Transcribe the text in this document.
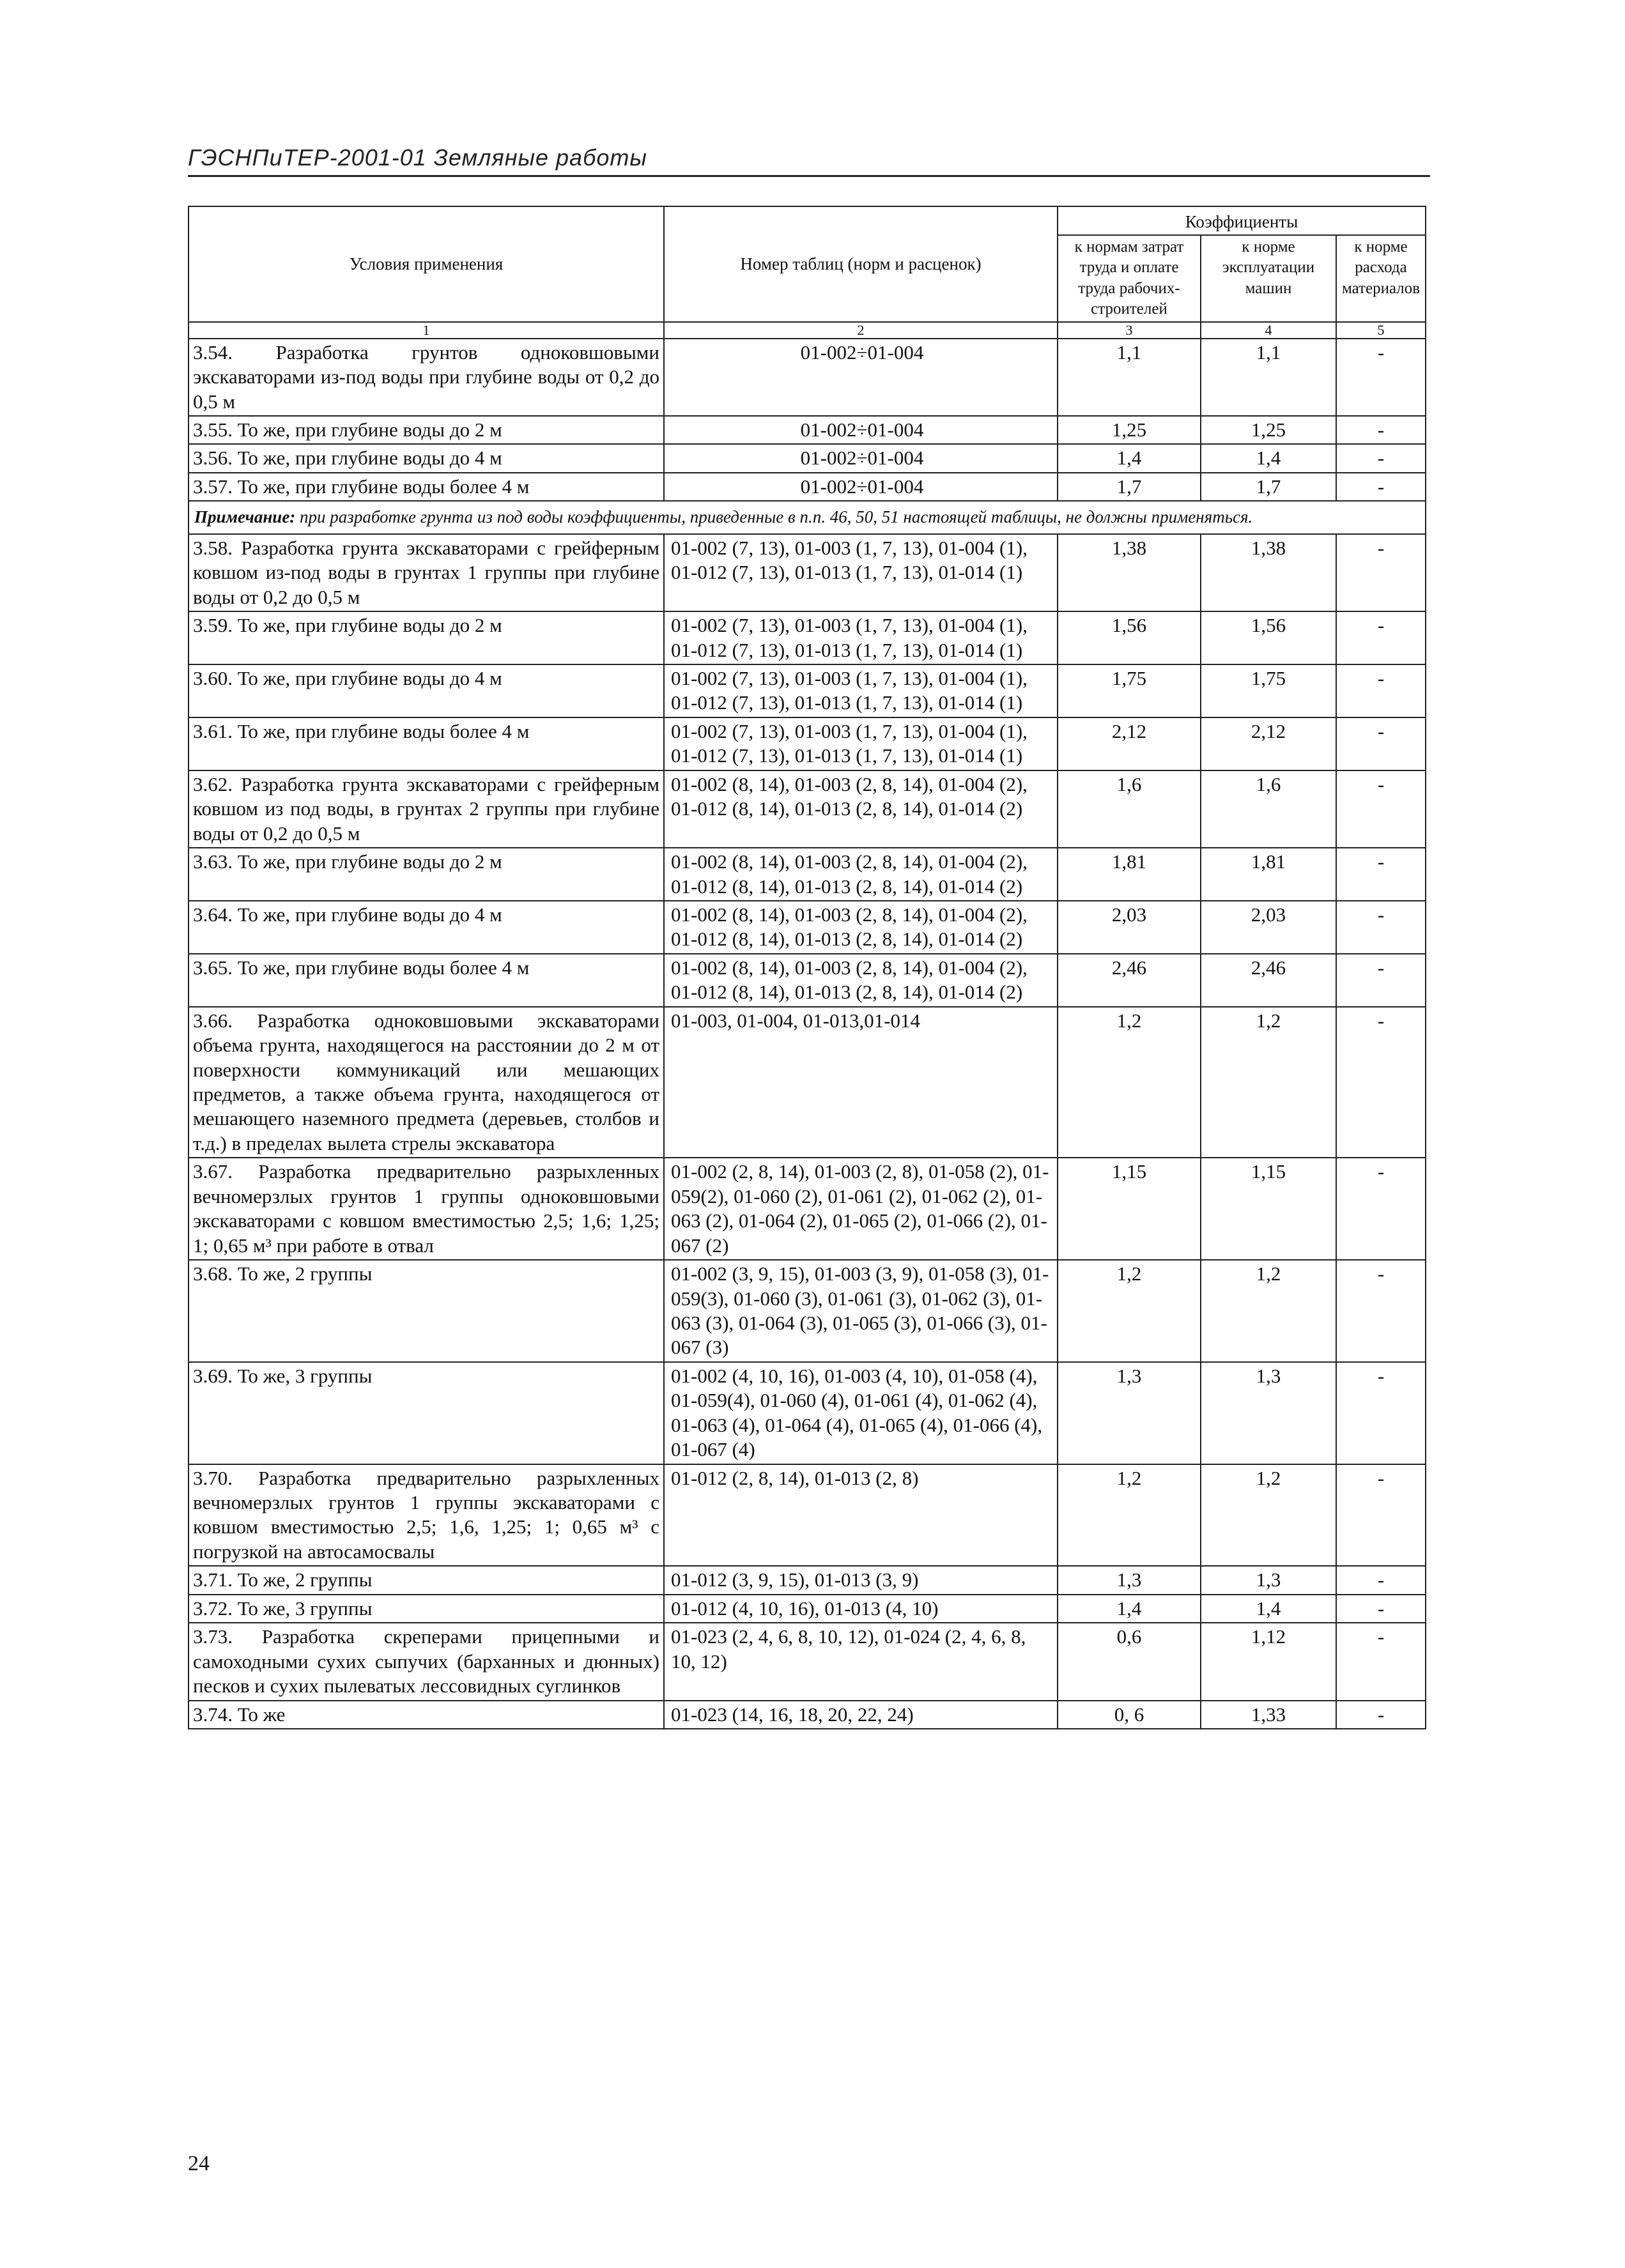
ГЭСНПиТЕР-2001-01 Земляные работы
Условия применения	Номер таблиц (норм и расценок)	Коэффициенты		
		к нормам затрат труда и оплате труда рабочих-строителей	к норме эксплуатации машин	к норме расхода материалов
1	2	3	4	5
3.54. Разработка грунтов одноковшовыми экскаваторами из-под воды при глубине воды от 0,2 до 0,5 м	01-002÷01-004	1,1	1,1	-
3.55. То же, при глубине воды до 2 м	01-002÷01-004	1,25	1,25	-
3.56. То же, при глубине воды до 4 м	01-002÷01-004	1,4	1,4	-
3.57. То же, при глубине воды более 4 м	01-002÷01-004	1,7	1,7	-
Примечание: при разработке грунта из под воды коэффициенты, приведенные в п.п. 46, 50, 51 настоящей таблицы, не должны применяться.				
3.58. Разработка грунта экскаваторами с грейферным ковшом из-под воды в грунтах 1 группы при глубине воды от 0,2 до 0,5 м	01-002 (7, 13), 01-003 (1, 7, 13), 01-004 (1), 01-012 (7, 13), 01-013 (1, 7, 13), 01-014 (1)	1,38	1,38	-
3.59. То же, при глубине воды до 2 м	01-002 (7, 13), 01-003 (1, 7, 13), 01-004 (1), 01-012 (7, 13), 01-013 (1, 7, 13), 01-014 (1)	1,56	1,56	-
3.60. То же, при глубине воды до 4 м	01-002 (7, 13), 01-003 (1, 7, 13), 01-004 (1), 01-012 (7, 13), 01-013 (1, 7, 13), 01-014 (1)	1,75	1,75	-
3.61. То же, при глубине воды более 4 м	01-002 (7, 13), 01-003 (1, 7, 13), 01-004 (1), 01-012 (7, 13), 01-013 (1, 7, 13), 01-014 (1)	2,12	2,12	-
3.62. Разработка грунта экскаваторами с грейферным ковшом из под воды, в грунтах 2 группы при глубине воды от 0,2 до 0,5 м	01-002 (8, 14), 01-003 (2, 8, 14), 01-004 (2), 01-012 (8, 14), 01-013 (2, 8, 14), 01-014 (2)	1,6	1,6	-
3.63. То же, при глубине воды до 2 м	01-002 (8, 14), 01-003 (2, 8, 14), 01-004 (2), 01-012 (8, 14), 01-013 (2, 8, 14), 01-014 (2)	1,81	1,81	-
3.64. То же, при глубине воды до 4 м	01-002 (8, 14), 01-003 (2, 8, 14), 01-004 (2), 01-012 (8, 14), 01-013 (2, 8, 14), 01-014 (2)	2,03	2,03	-
3.65. То же, при глубине воды более 4 м	01-002 (8, 14), 01-003 (2, 8, 14), 01-004 (2), 01-012 (8, 14), 01-013 (2, 8, 14), 01-014 (2)	2,46	2,46	-
3.66. Разработка одноковшовыми экскаваторами объема грунта, находящегося на расстоянии до 2 м от поверхности коммуникаций или мешающих предметов, а также объема грунта, находящегося от мешающего наземного предмета (деревьев, столбов и т.д.) в пределах вылета стрелы экскаватора	01-003, 01-004, 01-013,01-014	1,2	1,2	-
3.67. Разработка предварительно разрыхленных вечномерзлых грунтов 1 группы одноковшовыми экскаваторами с ковшом вместимостью 2,5; 1,6; 1,25; 1; 0,65 м³ при работе в отвал	01-002 (2, 8, 14), 01-003 (2, 8), 01-058 (2), 01-059(2), 01-060 (2), 01-061 (2), 01-062 (2), 01-063 (2), 01-064 (2), 01-065 (2), 01-066 (2), 01-067 (2)	1,15	1,15	-
3.68. То же, 2 группы	01-002 (3, 9, 15), 01-003 (3, 9), 01-058 (3), 01-059(3), 01-060 (3), 01-061 (3), 01-062 (3), 01-063 (3), 01-064 (3), 01-065 (3), 01-066 (3), 01-067 (3)	1,2	1,2	-
3.69. То же, 3 группы	01-002 (4, 10, 16), 01-003 (4, 10), 01-058 (4), 01-059(4), 01-060 (4), 01-061 (4), 01-062 (4), 01-063 (4), 01-064 (4), 01-065 (4), 01-066 (4), 01-067 (4)	1,3	1,3	-
3.70. Разработка предварительно разрыхленных вечномерзлых грунтов 1 группы экскаваторами с ковшом вместимостью 2,5; 1,6, 1,25; 1; 0,65 м³ с погрузкой на автосамосвалы	01-012 (2, 8, 14), 01-013 (2, 8)	1,2	1,2	-
3.71. То же, 2 группы	01-012 (3, 9, 15), 01-013 (3, 9)	1,3	1,3	-
3.72. То же, 3 группы	01-012 (4, 10, 16), 01-013 (4, 10)	1,4	1,4	-
3.73. Разработка скреперами прицепными и самоходными сухих сыпучих (барханных и дюнных) песков и сухих пылеватых лессовидных суглинков	01-023 (2, 4, 6, 8, 10, 12), 01-024 (2, 4, 6, 8, 10, 12)	0,6	1,12	-
3.74. То же	01-023 (14, 16, 18, 20, 22, 24)	0, 6	1,33	-
24
